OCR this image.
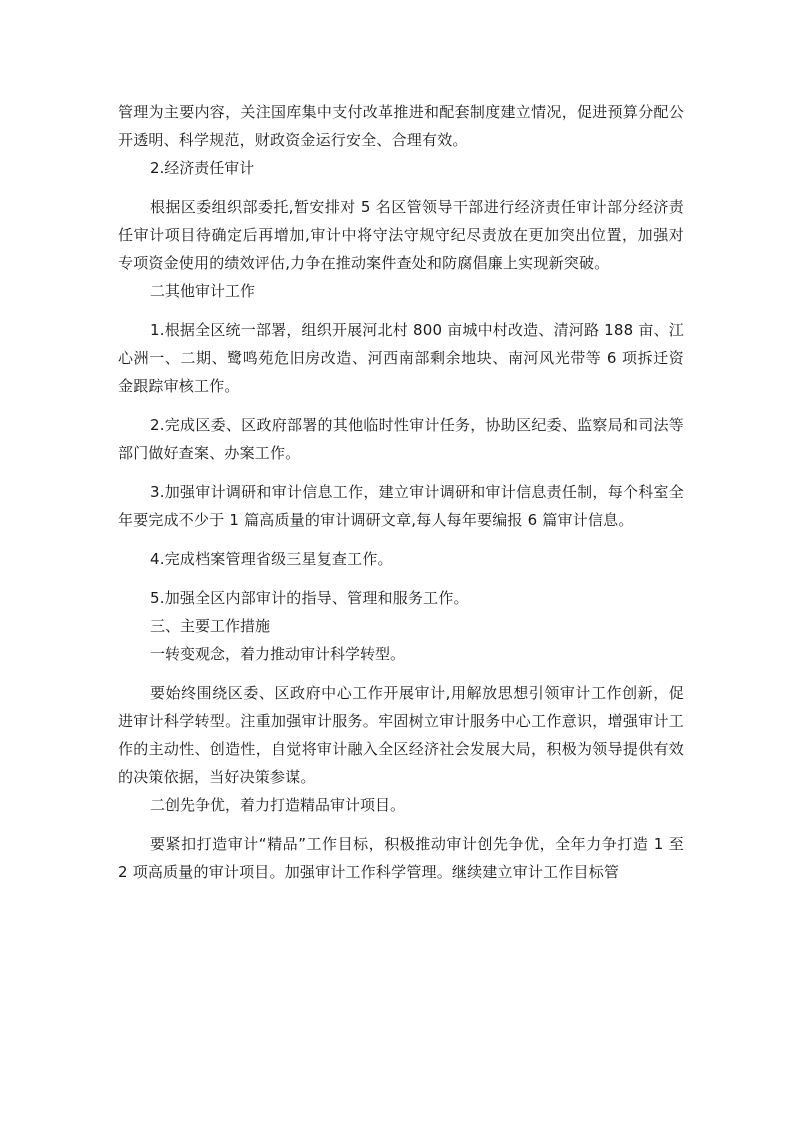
管理为主要内容，关注国库集中支付改革推进和配套制度建立情况，促进预算分配公开透明、科学规范，财政资金运行安全、合理有效。

2.经济责任审计

根据区委组织部委托,暂安排对 5 名区管领导干部进行经济责任审计部分经济责任审计项目待确定后再增加,审计中将守法守规守纪尽责放在更加突出位置，加强对专项资金使用的绩效评估,力争在推动案件查处和防腐倡廉上实现新突破。

二其他审计工作

1.根据全区统一部署，组织开展河北村 800 亩城中村改造、清河路 188 亩、江心洲一、二期、鹭鸣苑危旧房改造、河西南部剩余地块、南河风光带等 6 项拆迁资金跟踪审核工作。

2.完成区委、区政府部署的其他临时性审计任务，协助区纪委、监察局和司法等部门做好查案、办案工作。

3.加强审计调研和审计信息工作，建立审计调研和审计信息责任制，每个科室全年要完成不少于 1 篇高质量的审计调研文章,每人每年要编报 6 篇审计信息。

4.完成档案管理省级三星复查工作。

5.加强全区内部审计的指导、管理和服务工作。

三、主要工作措施

一转变观念，着力推动审计科学转型。

要始终围绕区委、区政府中心工作开展审计,用解放思想引领审计工作创新，促进审计科学转型。注重加强审计服务。牢固树立审计服务中心工作意识，增强审计工作的主动性、创造性，自觉将审计融入全区经济社会发展大局，积极为领导提供有效的决策依据，当好决策参谋。

二创先争优，着力打造精品审计项目。

要紧扣打造审计“精品”工作目标，积极推动审计创先争优，全年力争打造 1 至 2 项高质量的审计项目。加强审计工作科学管理。继续建立审计工作目标管
